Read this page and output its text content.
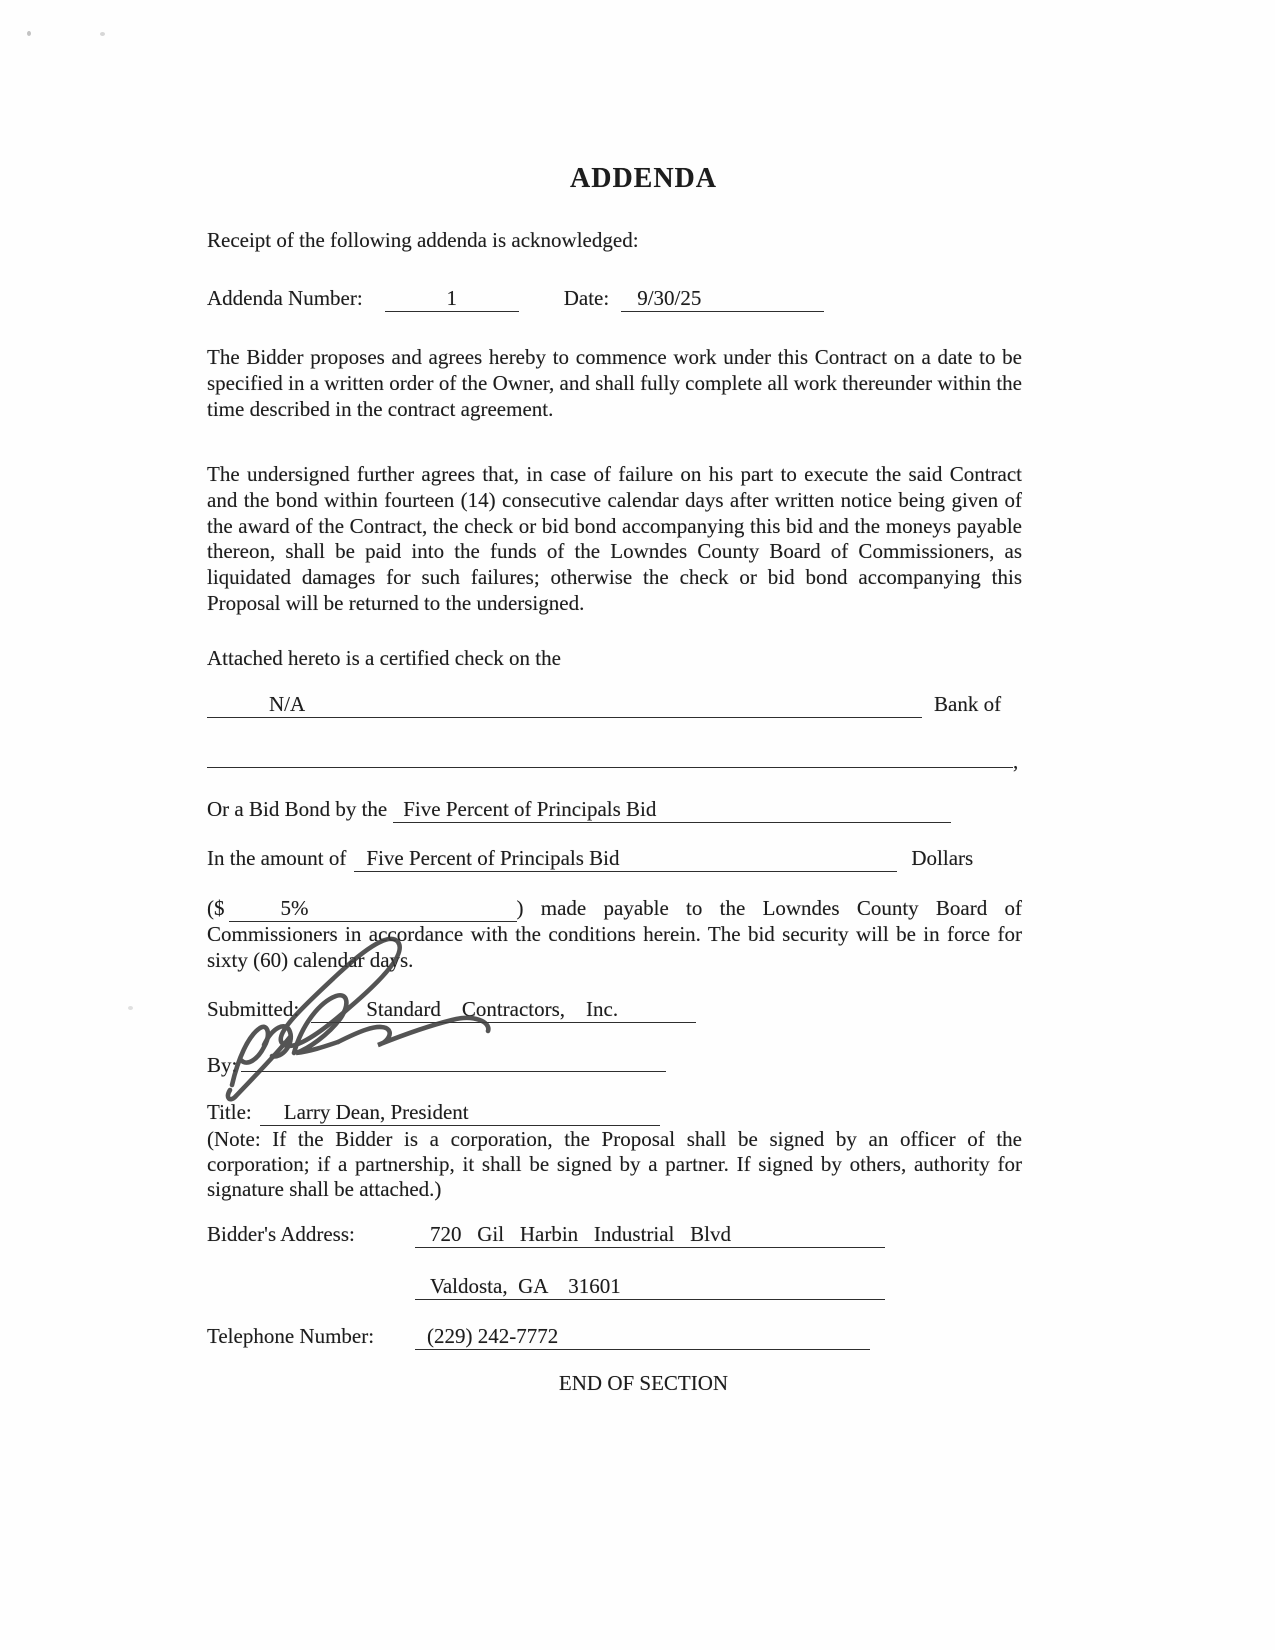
ADDENDA
Receipt of the following addenda is acknowledged:
Addenda Number:	1	Date: 9/30/25
The Bidder proposes and agrees hereby to commence work under this Contract on a date to be specified in a written order of the Owner, and shall fully complete all work thereunder within the time described in the contract agreement.
The undersigned further agrees that, in case of failure on his part to execute the said Contract and the bond within fourteen (14) consecutive calendar days after written notice being given of the award of the Contract, the check or bid bond accompanying this bid and the moneys payable thereon, shall be paid into the funds of the Lowndes County Board of Commissioners, as liquidated damages for such failures; otherwise the check or bid bond accompanying this Proposal will be returned to the undersigned.
Attached hereto is a certified check on the
N/A	Bank of
,
Or a Bid Bond by the Five Percent of Principals Bid
In the amount of Five Percent of Principals Bid	Dollars
($	5%	) made payable to the Lowndes County Board of Commissioners in accordance with the conditions herein. The bid security will be in force for sixty (60) calendar days.
Submitted:	Standard    Contractors,    Inc.
By:
Title: Larry Dean, President
(Note: If the Bidder is a corporation, the Proposal shall be signed by an officer of the corporation; if a partnership, it shall be signed by a partner. If signed by others, authority for signature shall be attached.)
Bidder's Address:	720   Gil   Harbin   Industrial   Blvd
Valdosta,  GA    31601
Telephone Number:	(229) 242-7772
END OF SECTION
